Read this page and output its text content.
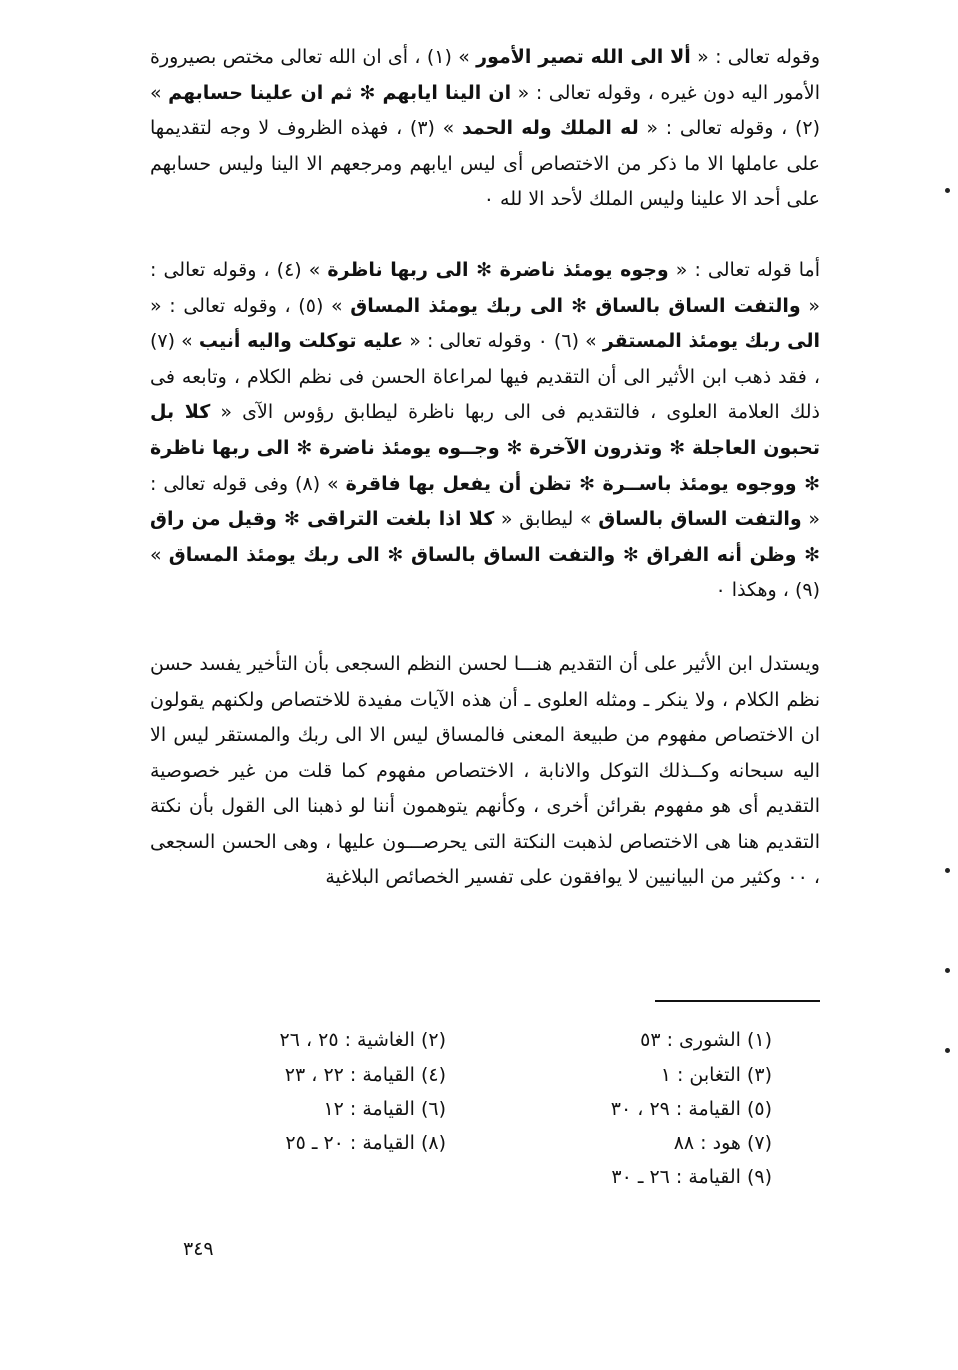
وقوله تعالى : « ألا الى الله تصير الأمور » (١) ، أى ان الله تعالى مختص بصيرورة الأمور اليه دون غيره ، وقوله تعالى : « ان الينا ايابهم ✻ ثم ان علينا حسابهم » (٢) ، وقوله تعالى : « له الملك وله الحمد » (٣) ، فهذه الظروف لا وجه لتقديمها على عاملها الا ما ذكر من الاختصاص أى ليس ايابهم ومرجعهم الا الينا وليس حسابهم على أحد الا علينا وليس الملك لأحد الا لله ٠

أما قوله تعالى : « وجوه يومئذ ناضرة ✻ الى ربها ناظرة » (٤) ، وقوله تعالى : « والتفت الساق بالساق ✻ الى ربك يومئذ المساق » (٥) ، وقوله تعالى : « الى ربك يومئذ المستقر » (٦) ٠ وقوله تعالى : « عليه توكلت واليه أنيب » (٧) ، فقد ذهب ابن الأثير الى أن التقديم فيها لمراعاة الحسن فى نظم الكلام ، وتابعه فى ذلك العلامة العلوى ، فالتقديم فى الى ربها ناظرة ليطابق رؤوس الآى « كلا بل تحبون العاجلة ✻ وتذرون الآخرة ✻ وجــوه يومئذ ناضرة ✻ الى ربها ناظرة ✻ ووجوه يومئذ باســرة ✻ تظن أن يفعل بها فاقرة » (٨) وفى قوله تعالى : « والتفت الساق بالساق » ليطابق « كلا اذا بلغت التراقى ✻ وقيل من راق ✻ وظن أنه الفراق ✻ والتفت الساق بالساق ✻ الى ربك يومئذ المساق » (٩) ، وهكذا ٠

ويستدل ابن الأثير على أن التقديم هنـــا لحسن النظم السجعى بأن التأخير يفسد حسن نظم الكلام ، ولا ينكر ـ ومثله العلوى ـ أن هذه الآيات مفيدة للاختصاص ولكنهم يقولون ان الاختصاص مفهوم من طبيعة المعنى فالمساق ليس الا الى ربك والمستقر ليس الا اليه سبحانه وكــذلك التوكل والانابة ، الاختصاص مفهوم كما قلت من غير خصوصية التقديم أى هو مفهوم بقرائن أخرى ، وكأنهم يتوهمون أننا لو ذهبنا الى القول بأن نكتة التقديم هنا هى الاختصاص لذهبت النكتة التى يحرصـــون عليها ، وهى الحسن السجعى ، ٠٠ وكثير من البيانيين لا يوافقون على تفسير الخصائص البلاغية

(١) الشورى : ٥٣
(٣) التغابن : ١
(٥) القيامة : ٢٩ ، ٣٠
(٧) هود : ٨٨
(٩) القيامة : ٢٦ ـ ٣٠
(٢) الغاشية : ٢٥ ، ٢٦
(٤) القيامة : ٢٢ ، ٢٣
(٦) القيامة : ١٢
(٨) القيامة : ٢٠ ـ ٢٥
٣٤٩
